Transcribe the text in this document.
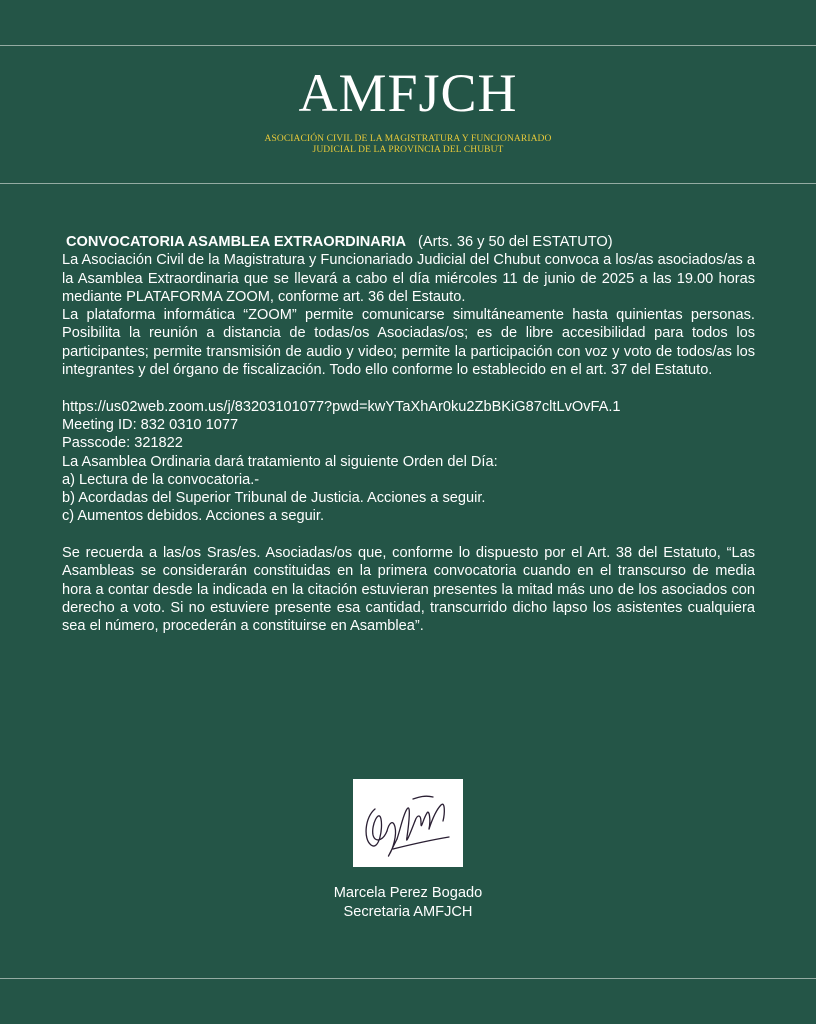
AMFJCH
ASOCIACIÓN CIVIL DE LA MAGISTRATURA Y FUNCIONARIADO
JUDICIAL DE LA PROVINCIA DEL CHUBUT

CONVOCATORIA ASAMBLEA EXTRAORDINARIA (Arts. 36 y 50 del ESTATUTO)

La Asociación Civil de la Magistratura y Funcionariado Judicial del Chubut convoca a los/as asociados/as a la Asamblea Extraordinaria que se llevará a cabo el día miércoles 11 de junio de 2025 a las 19.00 horas mediante PLATAFORMA ZOOM, conforme art. 36 del Estauto.

La plataforma informática “ZOOM” permite comunicarse simultáneamente hasta quinientas personas. Posibilita la reunión a distancia de todas/os Asociadas/os; es de libre accesibilidad para todos los participantes; permite transmisión de audio y video; permite la participación con voz y voto de todos/as los integrantes y del órgano de fiscalización. Todo ello conforme lo establecido en el art. 37 del Estatuto.

https://us02web.zoom.us/j/83203101077?pwd=kwYTaXhAr0ku2ZbBKiG87cltLvOvFA.1

Meeting ID: 832 0310 1077

Passcode: 321822

La Asamblea Ordinaria dará tratamiento al siguiente Orden del Día:

a) Lectura de la convocatoria.-

b) Acordadas del Superior Tribunal de Justicia. Acciones a seguir.

c) Aumentos debidos. Acciones a seguir.

Se recuerda a las/os Sras/es. Asociadas/os que, conforme lo dispuesto por el Art. 38 del Estatuto, “Las Asambleas se considerarán constituidas en la primera convocatoria cuando en el transcurso de media hora a contar desde la indicada en la citación estuvieran presentes la mitad más uno de los asociados con derecho a voto. Si no estuviere presente esa cantidad, transcurrido dicho lapso los asistentes cualquiera sea el número, procederán a constituirse en Asamblea”.

Marcela Perez Bogado
Secretaria AMFJCH
